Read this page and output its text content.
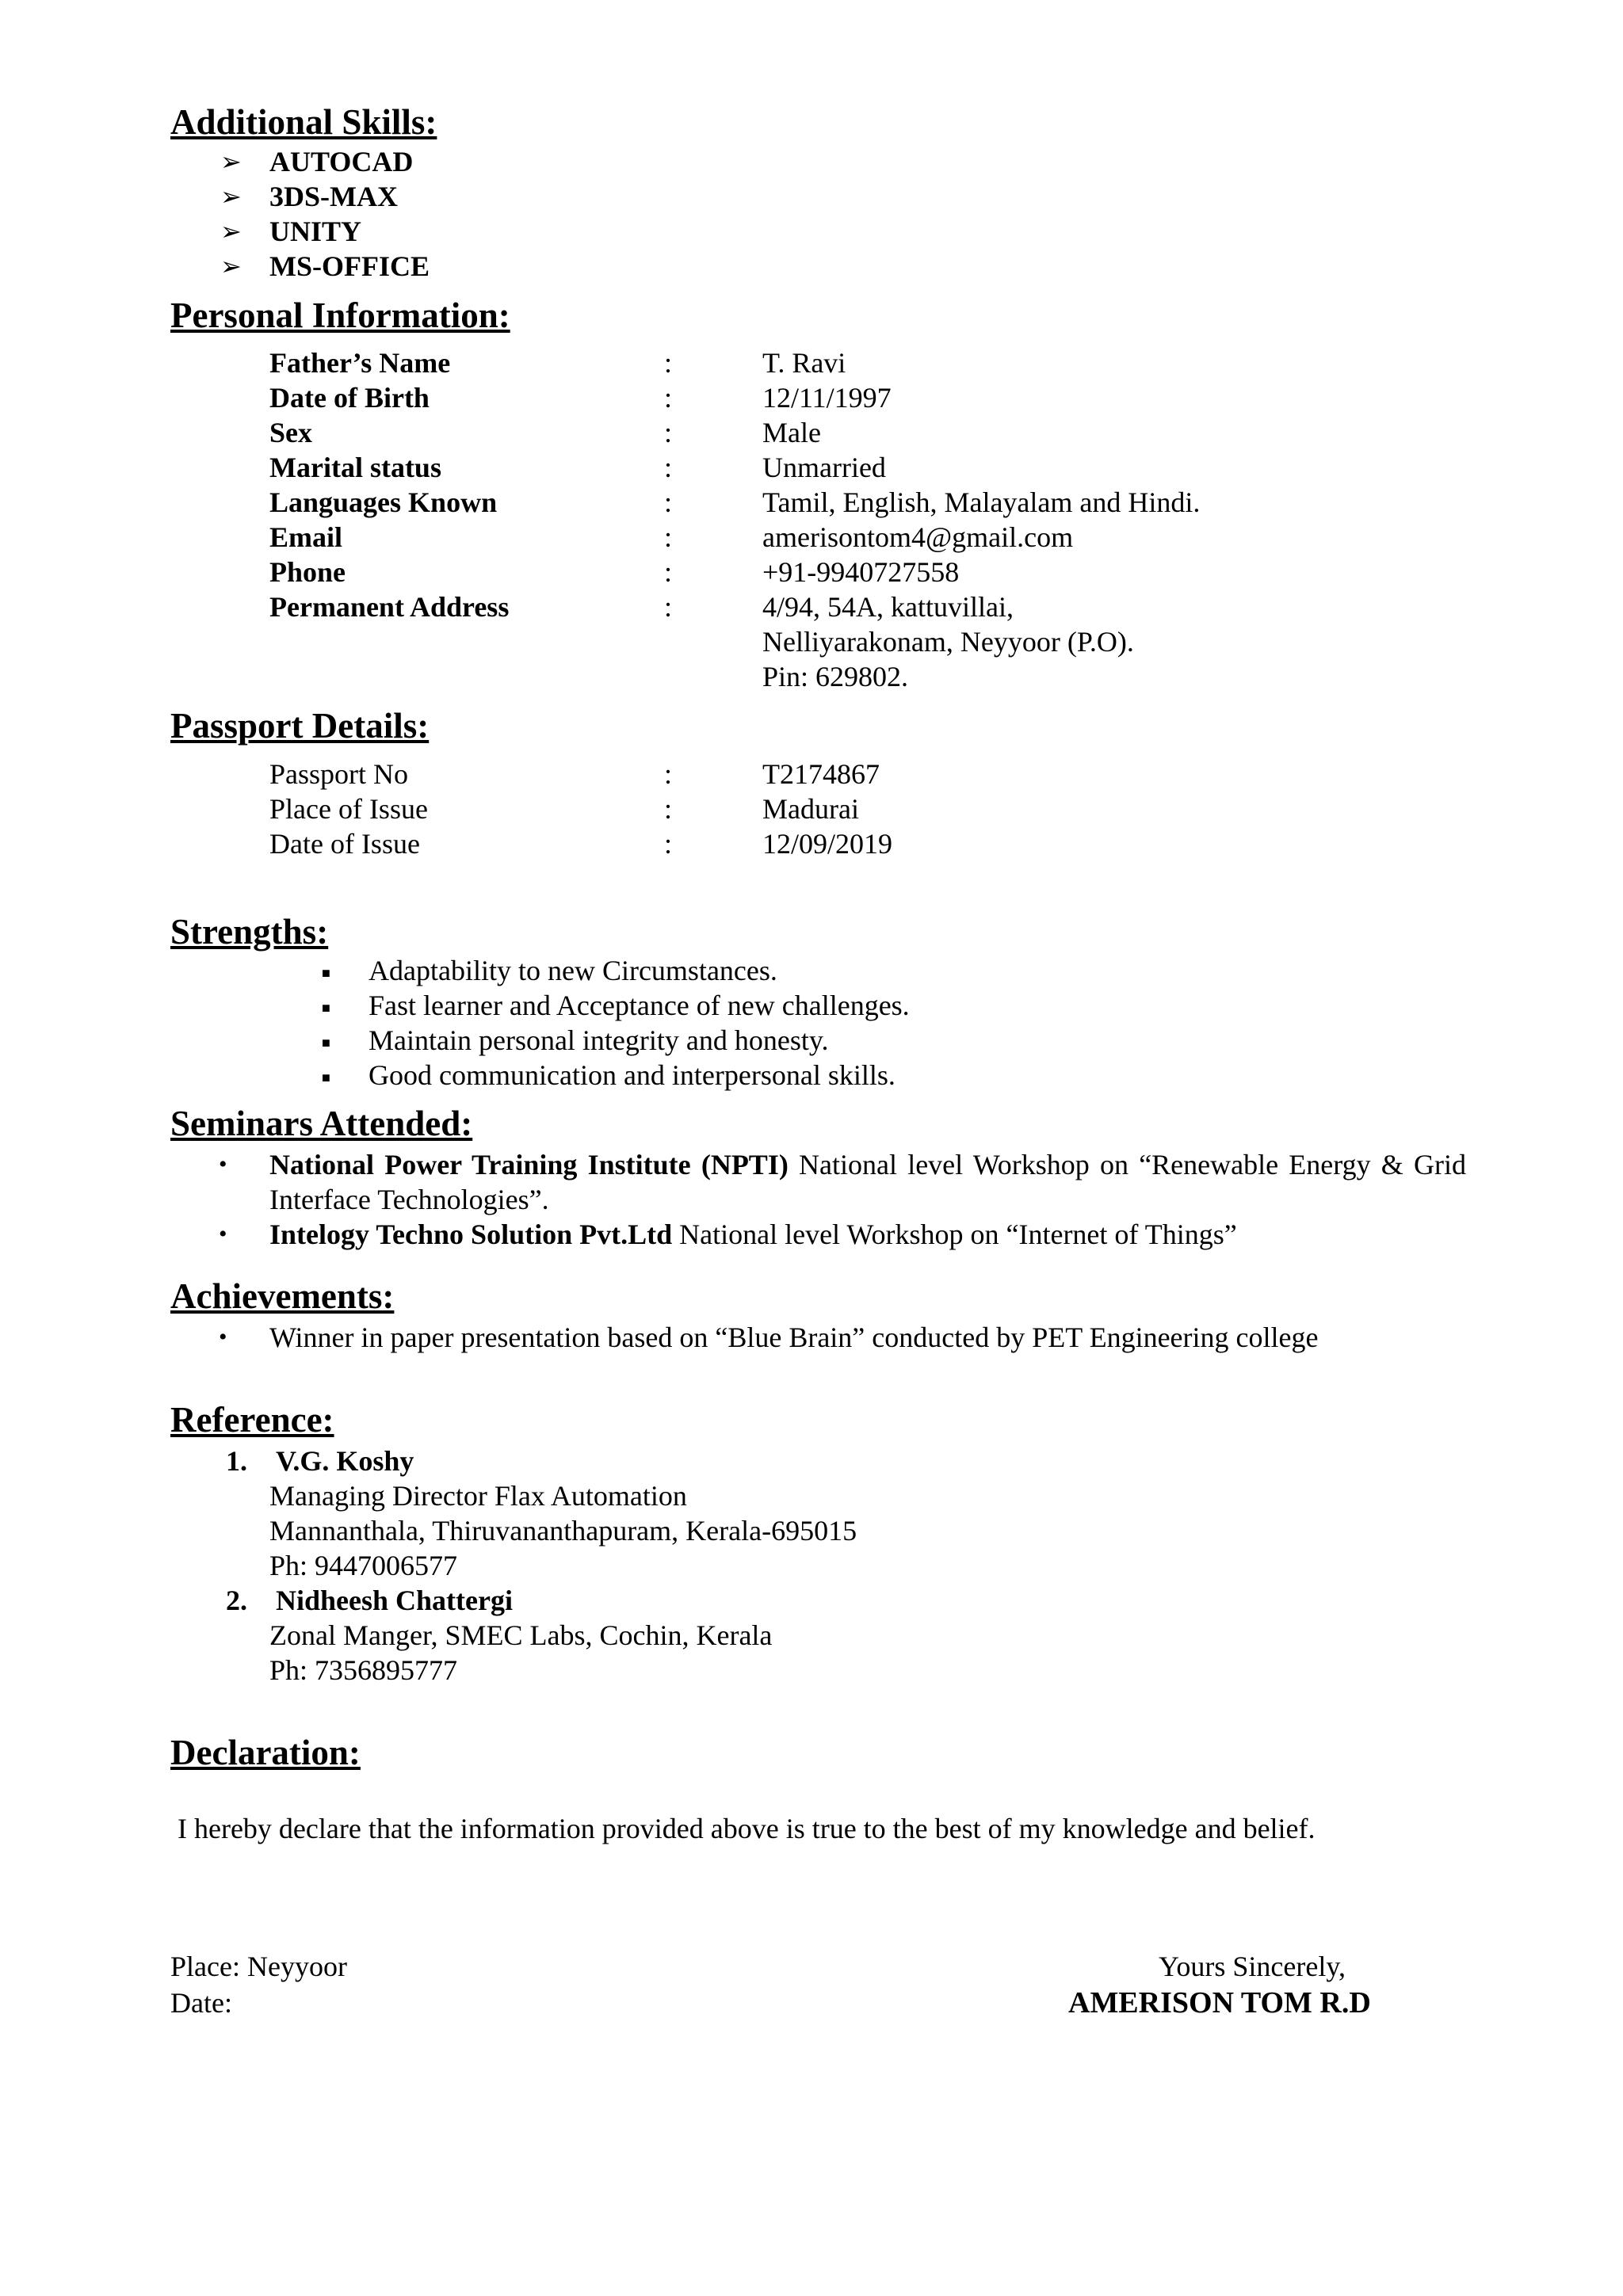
Additional Skills:
➢ AUTOCAD
➢ 3DS-MAX
➢ UNITY
➢ MS-OFFICE
Personal Information:
Father’s Name	:	T. Ravi
Date of Birth	:	12/11/1997
Sex	:	Male
Marital status	:	Unmarried
Languages Known	:	Tamil, English, Malayalam and Hindi.
Email	:	amerisontom4@gmail.com
Phone	:	+91-9940727558
Permanent Address	:	4/94, 54A, kattuvillai,
Nelliyarakonam, Neyyoor (P.O).
Pin: 629802.
Passport Details:
Passport No	:	T2174867
Place of Issue	:	Madurai
Date of Issue	:	12/09/2019
Strengths:
■ Adaptability to new Circumstances.
■ Fast learner and Acceptance of new challenges.
■ Maintain personal integrity and honesty.
■ Good communication and interpersonal skills.
Seminars Attended:
• National Power Training Institute (NPTI) National level Workshop on “Renewable Energy & Grid Interface Technologies”.
• Intelogy Techno Solution Pvt.Ltd National level Workshop on “Internet of Things”
Achievements:
• Winner in paper presentation based on “Blue Brain” conducted by PET Engineering college
Reference:
1. V.G. Koshy
Managing Director Flax Automation
Mannanthala, Thiruvananthapuram, Kerala-695015
Ph: 9447006577
2. Nidheesh Chattergi
Zonal Manger, SMEC Labs, Cochin, Kerala
Ph: 7356895777
Declaration:
I hereby declare that the information provided above is true to the best of my knowledge and belief.
Place: Neyyoor
Date:
Yours Sincerely,
AMERISON TOM R.D
